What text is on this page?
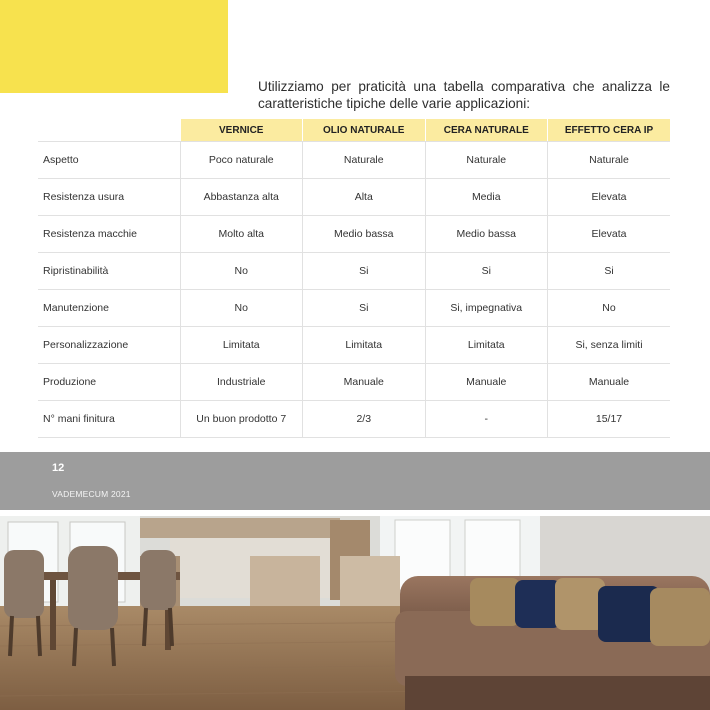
Utilizziamo per praticità una tabella comparativa che analizza le caratteristiche tipiche delle varie applicazioni:

	VERNICE	OLIO NATURALE	CERA NATURALE	EFFETTO CERA IP
Aspetto	Poco naturale	Naturale	Naturale	Naturale
Resistenza usura	Abbastanza alta	Alta	Media	Elevata
Resistenza macchie	Molto alta	Medio bassa	Medio bassa	Elevata
Ripristinabilità	No	Si	Si	Si
Manutenzione	No	Si	Si, impegnativa	No
Personalizzazione	Limitata	Limitata	Limitata	Si, senza limiti
Produzione	Industriale	Manuale	Manuale	Manuale
N° mani finitura	Un buon prodotto 7	2/3	-	15/17
12
VADEMECUM 2021
